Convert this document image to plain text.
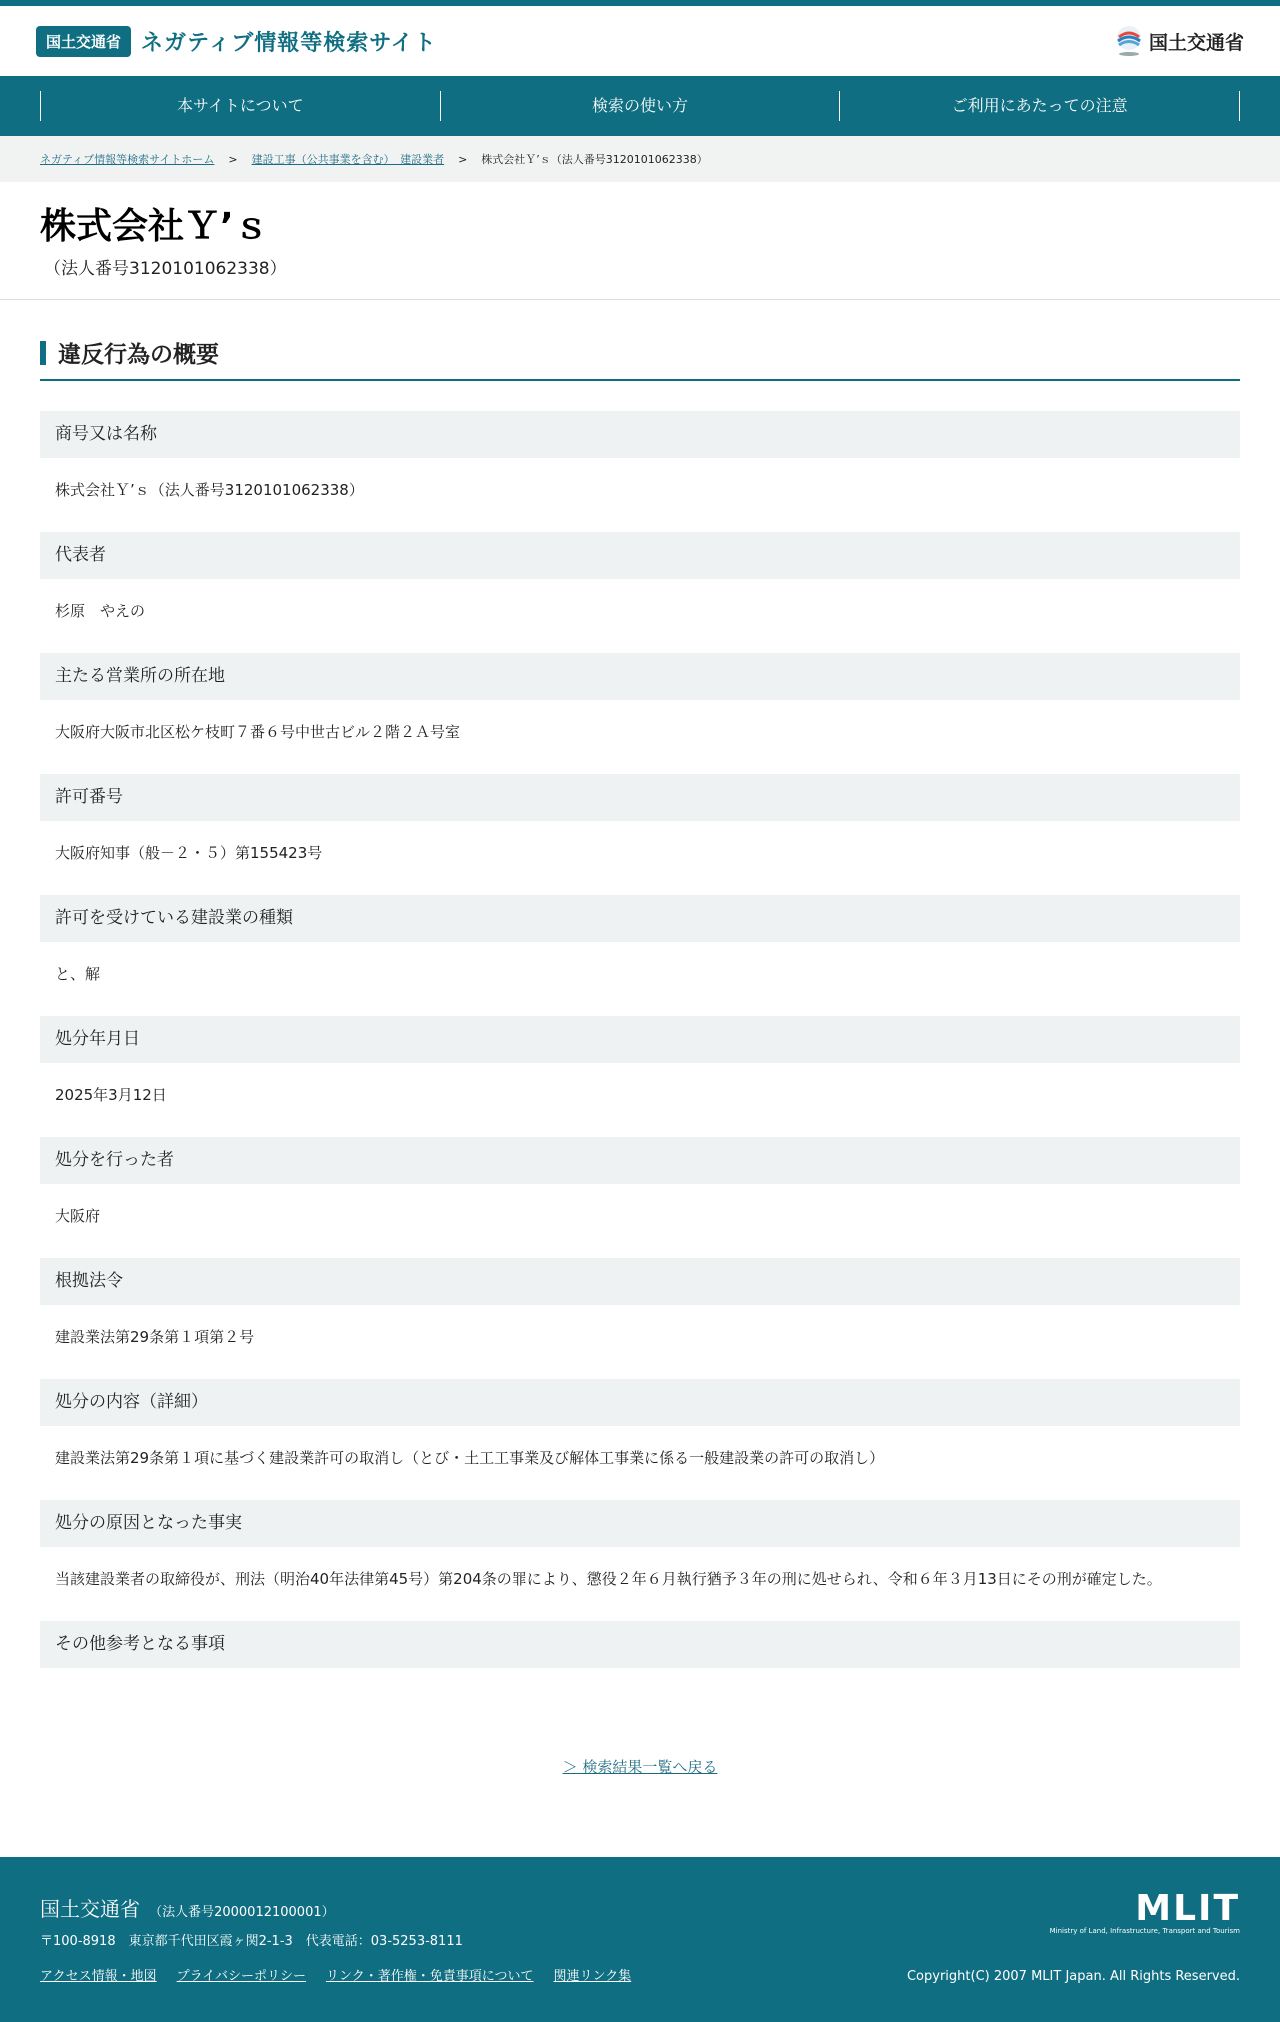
国土交通省 ネガティブ情報等検索サイト	国土交通省
本サイトについて	検索の使い方	ご利用にあたっての注意
ネガティブ情報等検索サイトホーム > 建設工事（公共事業を含む）　建設業者 > 株式会社Ｙ’ｓ（法人番号3120101062338）
株式会社Ｙ’ｓ
（法人番号3120101062338）
違反行為の概要
商号又は名称
株式会社Ｙ’ｓ（法人番号3120101062338）
代表者
杉原　やえの
主たる営業所の所在地
大阪府大阪市北区松ケ枝町７番６号中世古ビル２階２Ａ号室
許可番号
大阪府知事（般－２・５）第155423号
許可を受けている建設業の種類
と、解
処分年月日
2025年3月12日
処分を行った者
大阪府
根拠法令
建設業法第29条第１項第２号
処分の内容（詳細）
建設業法第29条第１項に基づく建設業許可の取消し（とび・土工工事業及び解体工事業に係る一般建設業の許可の取消し）
処分の原因となった事実
当該建設業者の取締役が、刑法（明治40年法律第45号）第204条の罪により、懲役２年６月執行猶予３年の刑に処せられ、令和６年３月13日にその刑が確定した。
その他参考となる事項
＞ 検索結果一覧へ戻る
国土交通省 （法人番号2000012100001）
〒100-8918　東京都千代田区霞ヶ関2-1-3　代表電話：03-5253-8111
アクセス情報・地図 プライバシーポリシー リンク・著作権・免責事項について 関連リンク集
MLIT
Ministry of Land, Infrastructure, Transport and Tourism
Copyright(C) 2007 MLIT Japan. All Rights Reserved.
